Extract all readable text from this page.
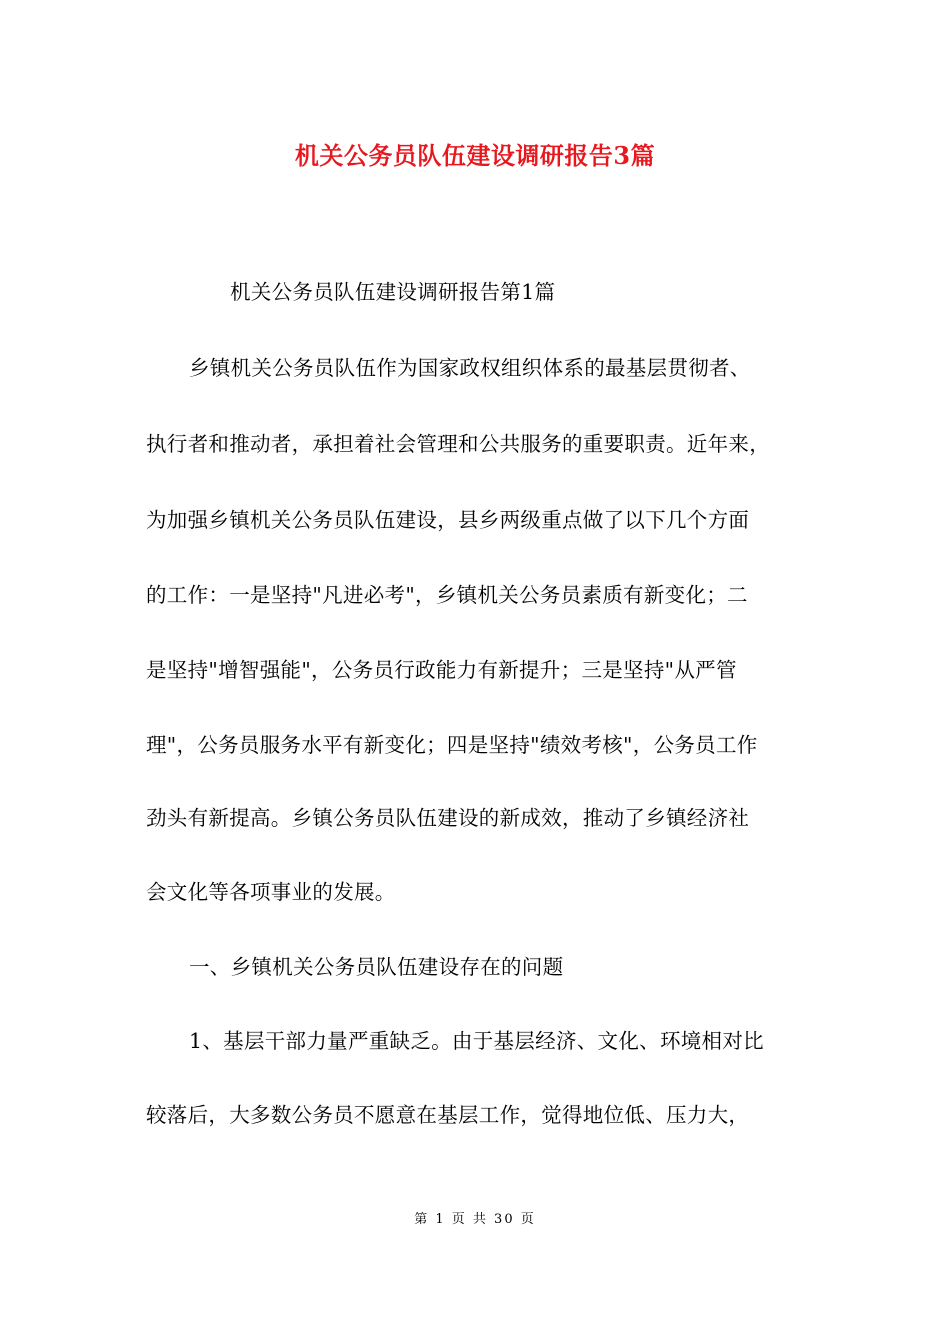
机关公务员队伍建设调研报告3篇
机关公务员队伍建设调研报告第1篇
乡镇机关公务员队伍作为国家政权组织体系的最基层贯彻者、
执行者和推动者，承担着社会管理和公共服务的重要职责。近年来，
为加强乡镇机关公务员队伍建设，县乡两级重点做了以下几个方面
的工作：一是坚持"凡进必考"，乡镇机关公务员素质有新变化；二
是坚持"增智强能"，公务员行政能力有新提升；三是坚持"从严管
理"，公务员服务水平有新变化；四是坚持"绩效考核"，公务员工作
劲头有新提高。乡镇公务员队伍建设的新成效，推动了乡镇经济社
会文化等各项事业的发展。
一、乡镇机关公务员队伍建设存在的问题
1、基层干部力量严重缺乏。由于基层经济、文化、环境相对比
较落后，大多数公务员不愿意在基层工作，觉得地位低、压力大，
第 1 页 共 30 页
